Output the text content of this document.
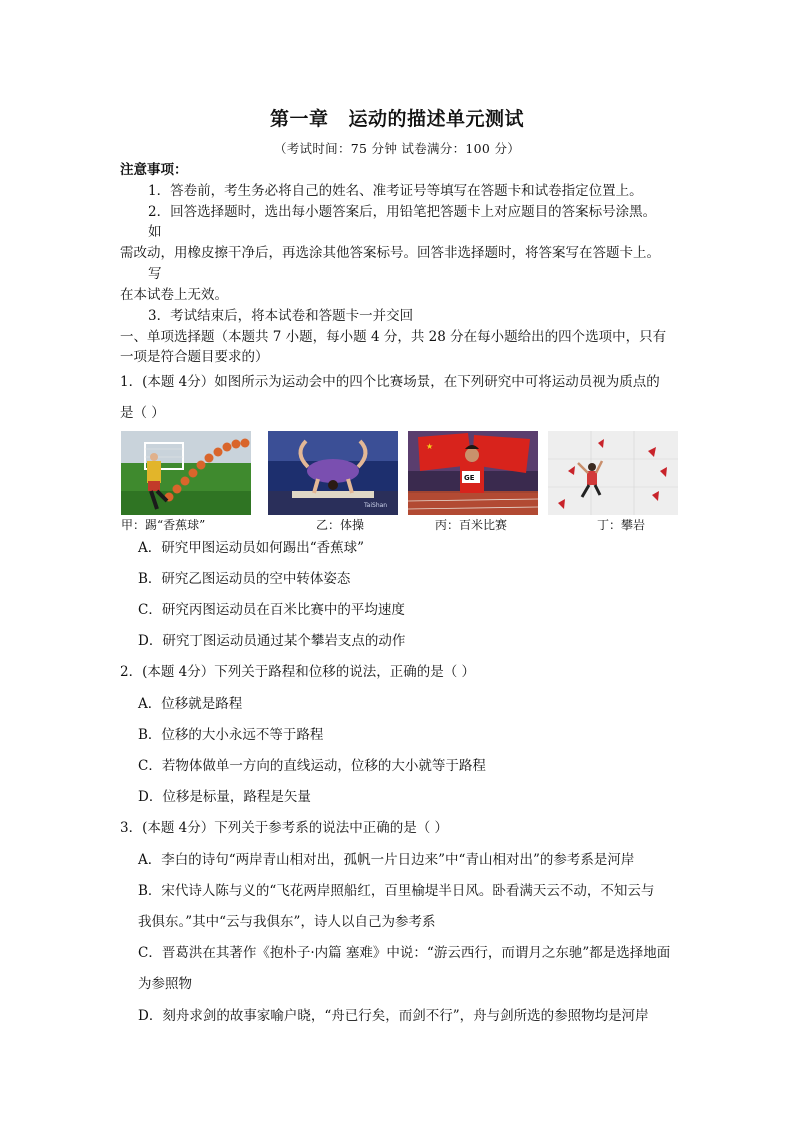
第一章 运动的描述单元测试
（考试时间：75 分钟 试卷满分：100 分）
注意事项：
1．答卷前，考生务必将自己的姓名、准考证号等填写在答题卡和试卷指定位置上。
2．回答选择题时，选出每小题答案后，用铅笔把答题卡上对应题目的答案标号涂黑。
如
需改动，用橡皮擦干净后，再选涂其他答案标号。回答非选择题时，将答案写在答题卡上。
写
在本试卷上无效。
3．考试结束后，将本试卷和答题卡一并交回
一、单项选择题（本题共 7 小题，每小题 4 分，共 28 分在每小题给出的四个选项中，只有
一项是符合题目要求的）
1．(本题 4分）如图所示为运动会中的四个比赛场景，在下列研究中可将运动员视为质点的
是（ ）
甲：踢“香蕉球”
TaiShan
乙：体操
★
GE
丙：百米比赛	丁：攀岩
A．研究甲图运动员如何踢出“香蕉球”
B．研究乙图运动员的空中转体姿态
C．研究丙图运动员在百米比赛中的平均速度
D．研究丁图运动员通过某个攀岩支点的动作
2．(本题 4分）下列关于路程和位移的说法，正确的是（ ）
A．位移就是路程
B．位移的大小永远不等于路程
C．若物体做单一方向的直线运动，位移的大小就等于路程
D．位移是标量，路程是矢量
3．(本题 4分）下列关于参考系的说法中正确的是（ ）
A．李白的诗句“两岸青山相对出，孤帆一片日边来”中“青山相对出”的参考系是河岸
B．宋代诗人陈与义的“飞花两岸照船红，百里榆堤半日风。卧看满天云不动，不知云与
我俱东。”其中“云与我俱东”，诗人以自己为参考系
C．晋葛洪在其著作《抱朴子·内篇 塞难》中说：“游云西行，而谓月之东驰”都是选择地面
为参照物
D．刻舟求剑的故事家喻户晓，“舟已行矣，而剑不行”，舟与剑所选的参照物均是河岸
